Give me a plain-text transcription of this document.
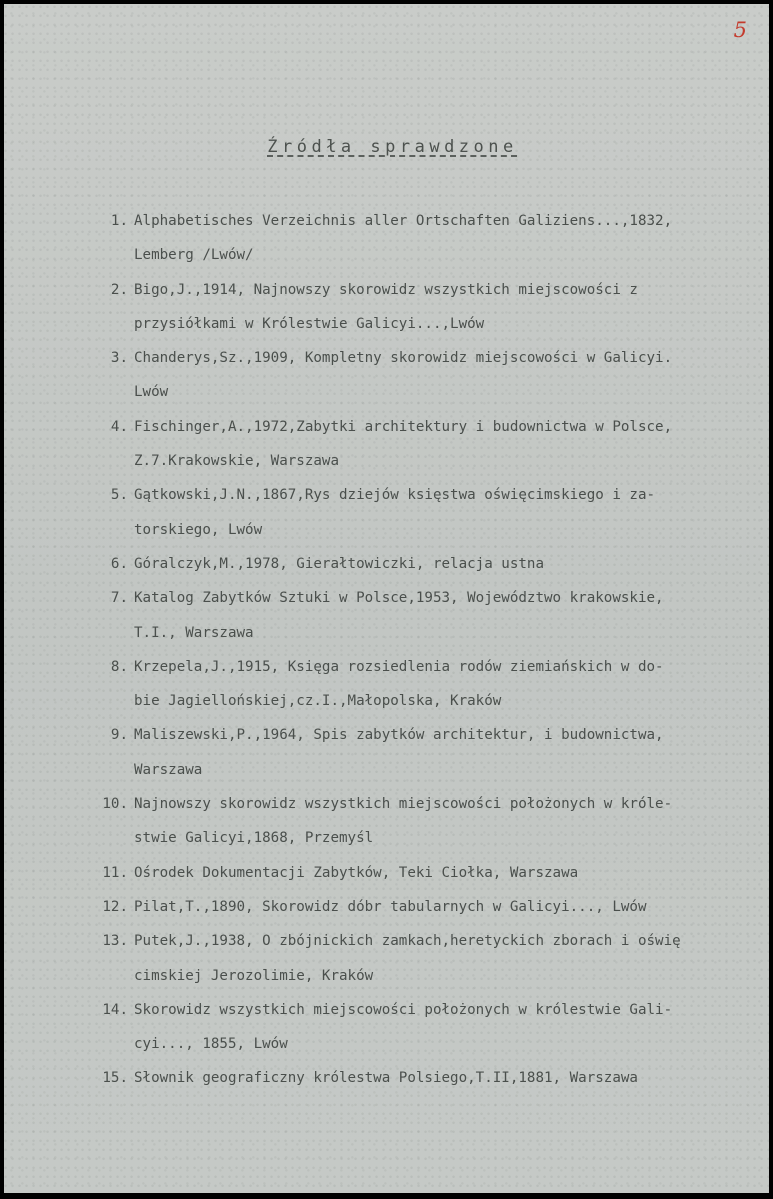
5
Źródła sprawdzone
1. Alphabetisches Verzeichnis aller Ortschaften Galiziens...,1832,
Lemberg /Lwów/
2. Bigo,J.,1914, Najnowszy skorowidz wszystkich miejscowości z
przysiółkami w Królestwie Galicyi...,Lwów
3. Chanderys,Sz.,1909, Kompletny skorowidz miejscowości w Galicyi.
Lwów
4. Fischinger,A.,1972,Zabytki architektury i budownictwa w Polsce,
Z.7.Krakowskie, Warszawa
5. Gątkowski,J.N.,1867,Rys dziejów księstwa oświęcimskiego i za-
torskiego, Lwów
6. Góralczyk,M.,1978, Gierałtowiczki, relacja ustna
7. Katalog Zabytków Sztuki w Polsce,1953, Województwo krakowskie,
T.I., Warszawa
8. Krzepela,J.,1915, Księga rozsiedlenia rodów ziemiańskich w do-
bie Jagiellońskiej,cz.I.,Małopolska, Kraków
9. Maliszewski,P.,1964, Spis zabytków architektur, i budownictwa,
Warszawa
10. Najnowszy skorowidz wszystkich miejscowości położonych w króle-
stwie Galicyi,1868, Przemyśl
11. Ośrodek Dokumentacji Zabytków, Teki Ciołka, Warszawa
12. Pilat,T.,1890, Skorowidz dóbr tabularnych w Galicyi..., Lwów
13. Putek,J.,1938, O zbójnickich zamkach,heretyckich zborach i oświę
cimskiej Jerozolimie, Kraków
14. Skorowidz wszystkich miejscowości położonych w królestwie Gali-
cyi..., 1855, Lwów
15. Słownik geograficzny królestwa Polsiego,T.II,1881, Warszawa
